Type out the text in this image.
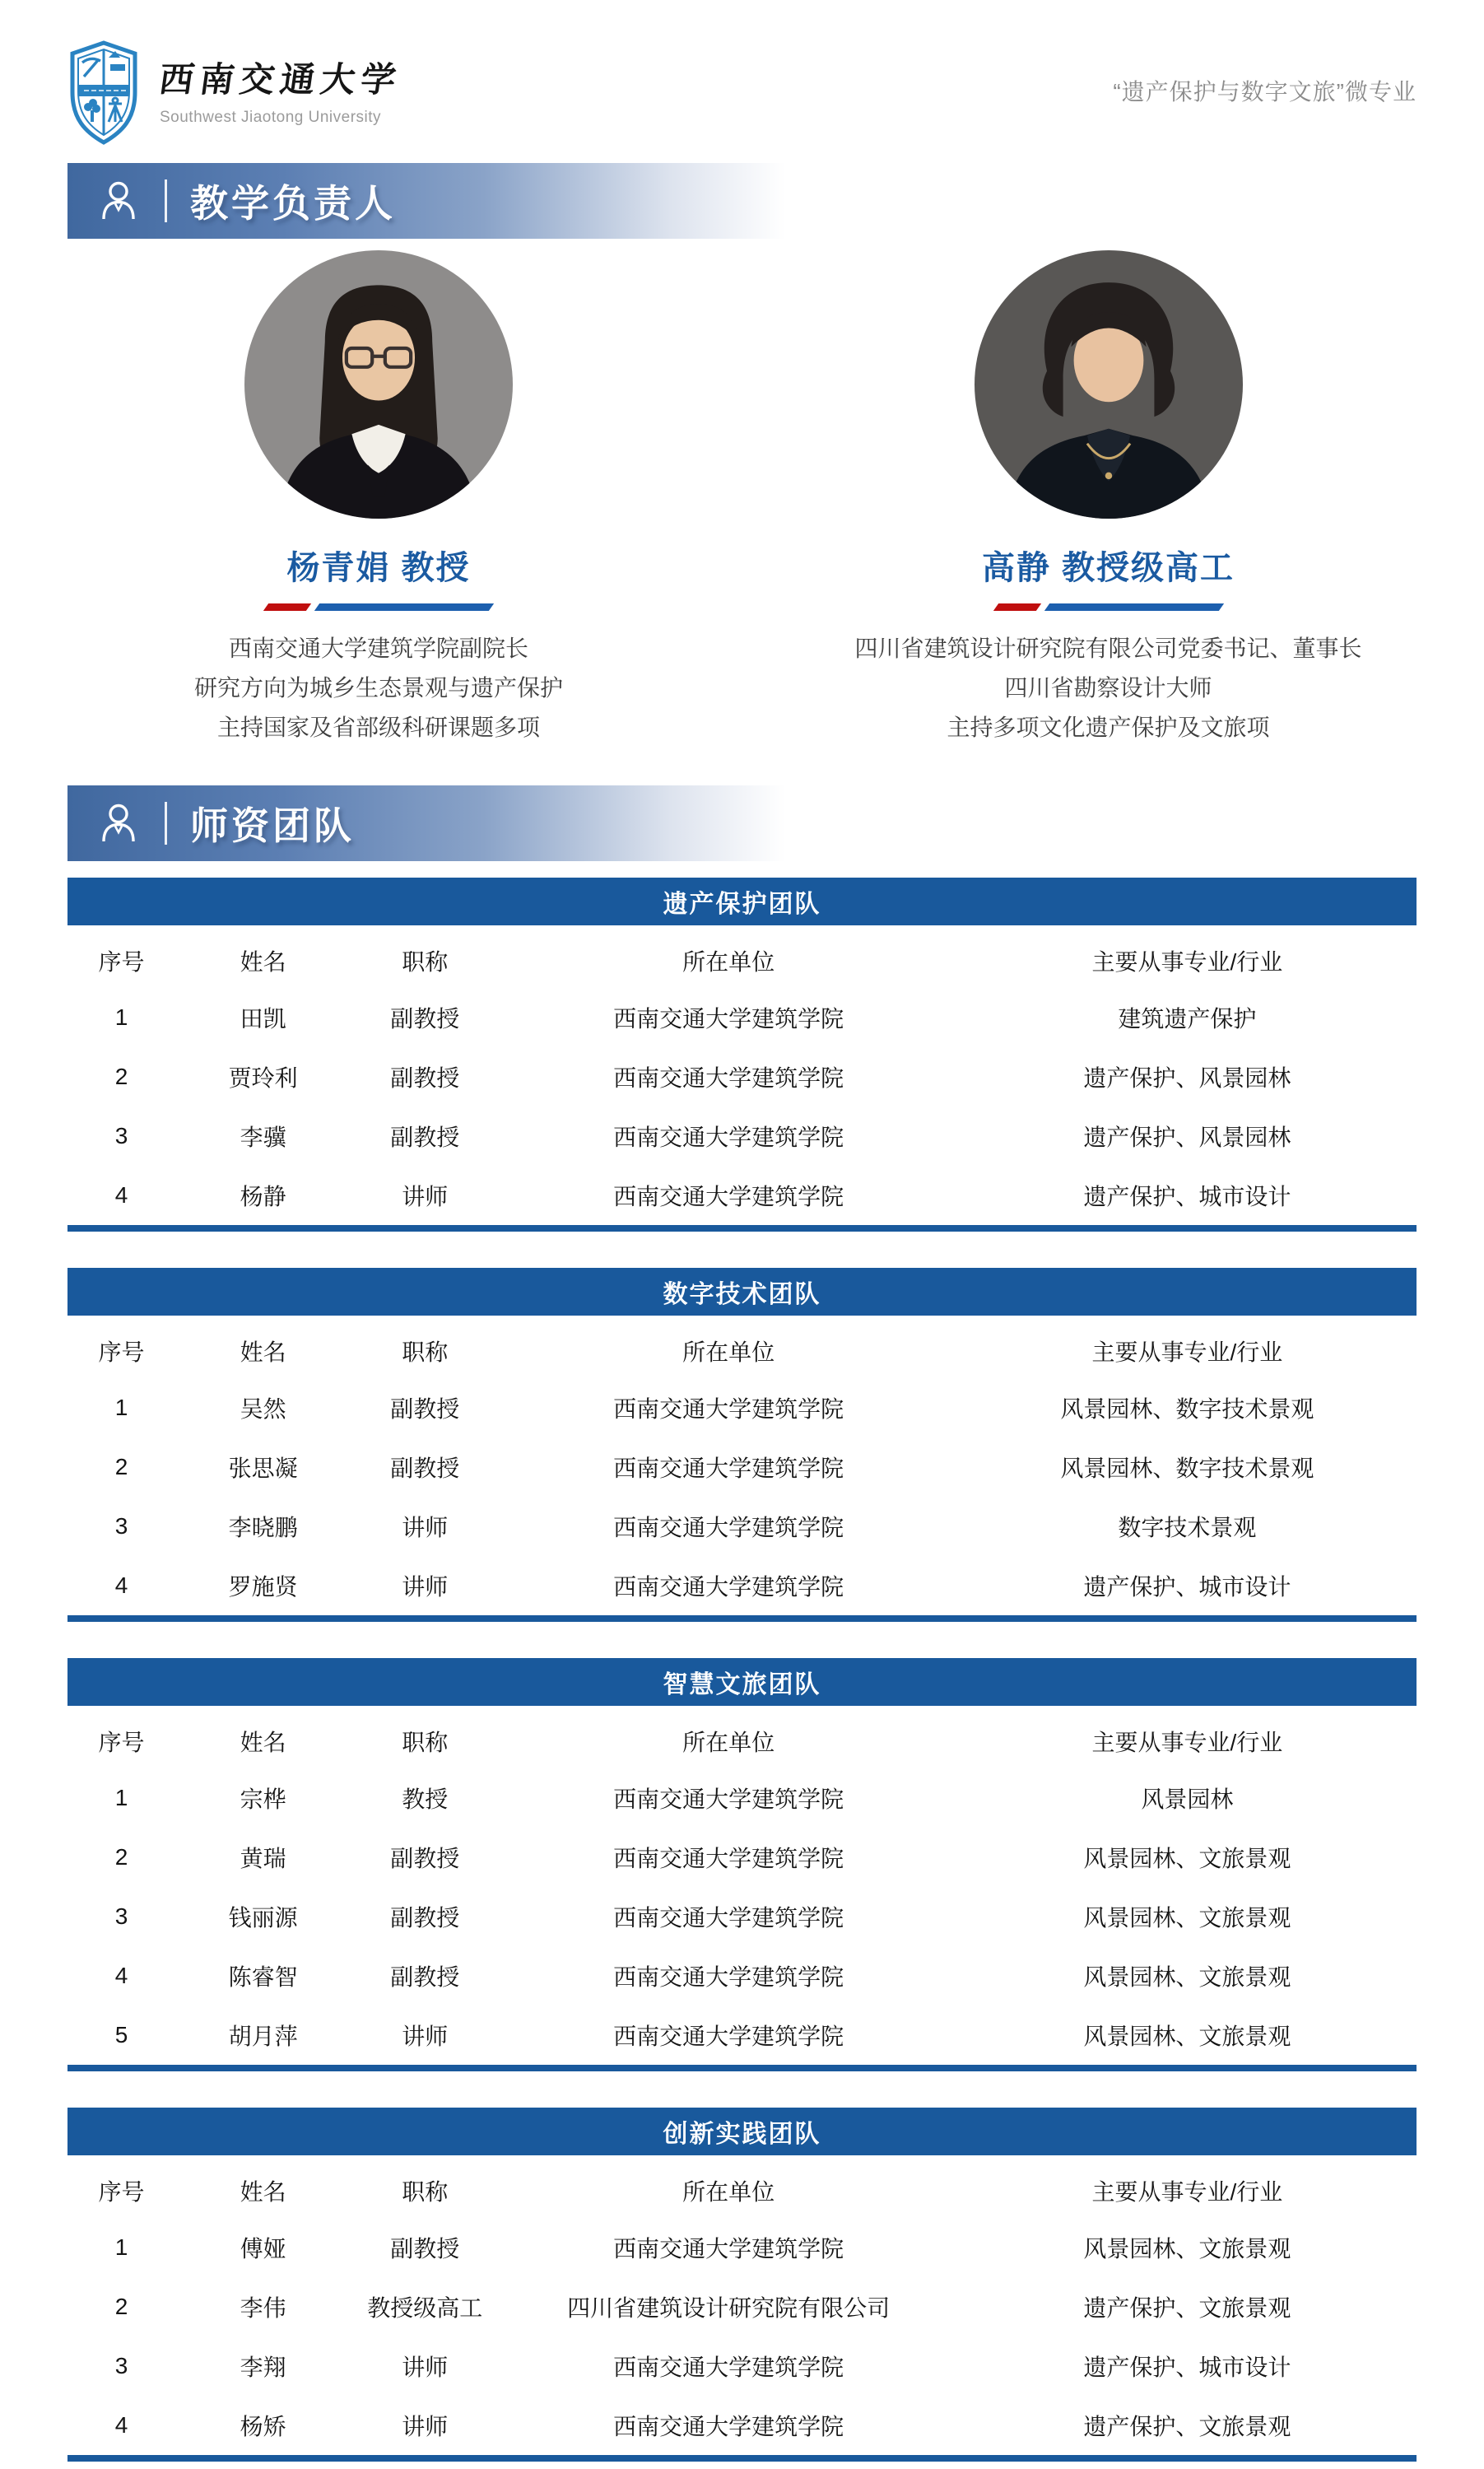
西南交通大学
Southwest Jiaotong University
“遗产保护与数字文旅”微专业
教学负责人
杨青娟 教授
西南交通大学建筑学院副院长
研究方向为城乡生态景观与遗产保护
主持国家及省部级科研课题多项
高静 教授级高工
四川省建筑设计研究院有限公司党委书记、董事长
四川省勘察设计大师
主持多项文化遗产保护及文旅项
师资团队
遗产保护团队
序号	姓名	职称	所在单位	主要从事专业/行业
1	田凯	副教授	西南交通大学建筑学院	建筑遗产保护
2	贾玲利	副教授	西南交通大学建筑学院	遗产保护、风景园林
3	李骥	副教授	西南交通大学建筑学院	遗产保护、风景园林
4	杨静	讲师	西南交通大学建筑学院	遗产保护、城市设计
数字技术团队
序号	姓名	职称	所在单位	主要从事专业/行业
1	吴然	副教授	西南交通大学建筑学院	风景园林、数字技术景观
2	张思凝	副教授	西南交通大学建筑学院	风景园林、数字技术景观
3	李晓鹏	讲师	西南交通大学建筑学院	数字技术景观
4	罗施贤	讲师	西南交通大学建筑学院	遗产保护、城市设计
智慧文旅团队
序号	姓名	职称	所在单位	主要从事专业/行业
1	宗桦	教授	西南交通大学建筑学院	风景园林
2	黄瑞	副教授	西南交通大学建筑学院	风景园林、文旅景观
3	钱丽源	副教授	西南交通大学建筑学院	风景园林、文旅景观
4	陈睿智	副教授	西南交通大学建筑学院	风景园林、文旅景观
5	胡月萍	讲师	西南交通大学建筑学院	风景园林、文旅景观
创新实践团队
序号	姓名	职称	所在单位	主要从事专业/行业
1	傅娅	副教授	西南交通大学建筑学院	风景园林、文旅景观
2	李伟	教授级高工	四川省建筑设计研究院有限公司	遗产保护、文旅景观
3	李翔	讲师	西南交通大学建筑学院	遗产保护、城市设计
4	杨矫	讲师	西南交通大学建筑学院	遗产保护、文旅景观
